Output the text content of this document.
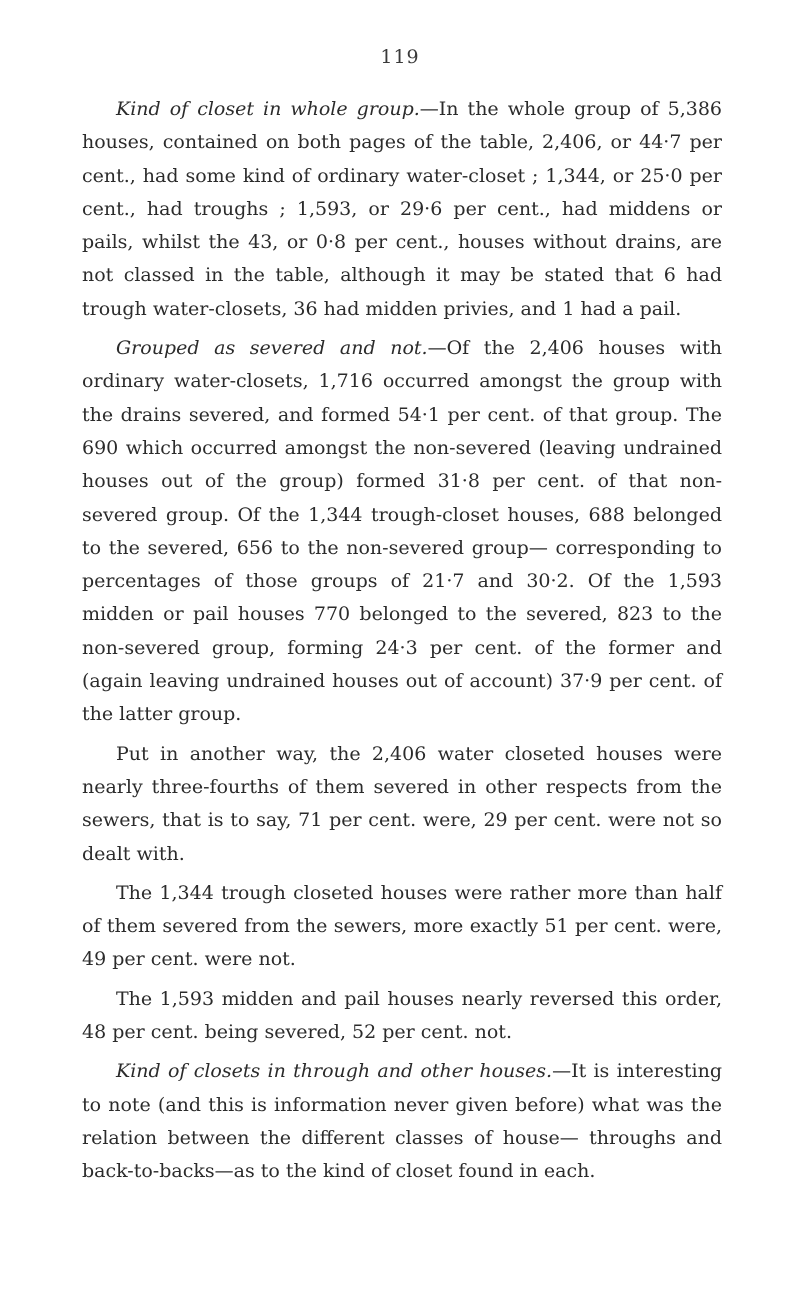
119

Kind of closet in whole group.—In the whole group of 5,386 houses, contained on both pages of the table, 2,406, or 44·7 per cent., had some kind of ordinary water-closet ; 1,344, or 25·0 per cent., had troughs ; 1,593, or 29·6 per cent., had middens or pails, whilst the 43, or 0·8 per cent., houses without drains, are not classed in the table, although it may be stated that 6 had trough water-closets, 36 had midden privies, and 1 had a pail.

Grouped as severed and not.—Of the 2,406 houses with ordinary water-closets, 1,716 occurred amongst the group with the drains severed, and formed 54·1 per cent. of that group. The 690 which occurred amongst the non-severed (leaving undrained houses out of the group) formed 31·8 per cent. of that non-severed group. Of the 1,344 trough-closet houses, 688 belonged to the severed, 656 to the non-severed group— corresponding to percentages of those groups of 21·7 and 30·2. Of the 1,593 midden or pail houses 770 belonged to the severed, 823 to the non-severed group, forming 24·3 per cent. of the former and (again leaving undrained houses out of account) 37·9 per cent. of the latter group.

Put in another way, the 2,406 water closeted houses were nearly three-fourths of them severed in other respects from the sewers, that is to say, 71 per cent. were, 29 per cent. were not so dealt with.

The 1,344 trough closeted houses were rather more than half of them severed from the sewers, more exactly 51 per cent. were, 49 per cent. were not.

The 1,593 midden and pail houses nearly reversed this order, 48 per cent. being severed, 52 per cent. not.

Kind of closets in through and other houses.—It is interesting to note (and this is information never given before) what was the relation between the different classes of house— throughs and back-to-backs—as to the kind of closet found in each.
